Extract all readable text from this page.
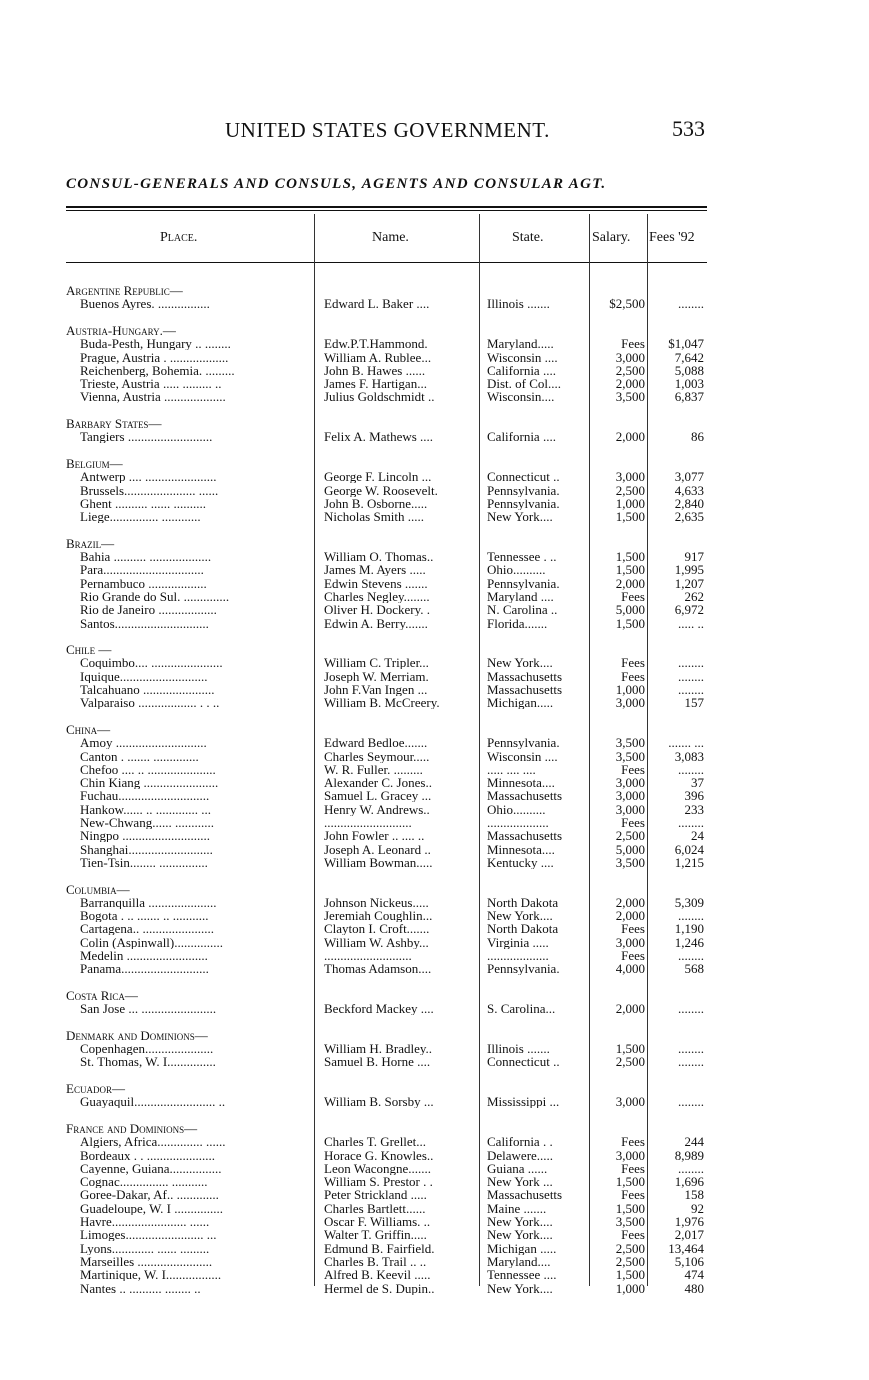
UNITED STATES GOVERNMENT.	533
CONSUL-GENERALS AND CONSULS, AGENTS AND CONSULAR AGT.
Place.	Name.	State.	Salary. Fees '92
Argentine Republic—
Buenos Ayres. ................	Edward L. Baker ....	Illinois .......	$2,500	........
Austria-Hungary.—
Buda-Pesth, Hungary .. ........	Edw.P.T.Hammond.	Maryland.....	Fees	$1,047
Prague, Austria . ..................	William A. Rublee...	Wisconsin ....	3,000	7,642
Reichenberg, Bohemia. .........	John B. Hawes ......	California ....	2,500	5,088
Trieste, Austria ..... ......... ..	James F. Hartigan...	Dist. of Col....	2,000	1,003
Vienna, Austria ...................	Julius Goldschmidt ..	Wisconsin....	3,500	6,837
Barbary States—
Tangiers ..........................	Felix A. Mathews ....	California ....	2,000	86
Belgium—
Antwerp .... ......................	George F. Lincoln ...	Connecticut ..	3,000	3,077
Brussels...................... ......	George W. Roosevelt.	Pennsylvania.	2,500	4,633
Ghent .......... ...... ..........	John B. Osborne.....	Pennsylvania.	1,000	2,840
Liege............... ............	Nicholas Smith .....	New York....	1,500	2,635
Brazil—
Bahia .......... ...................	William O. Thomas..	Tennessee . ..	1,500	917
Para...............................	James M. Ayers .....	Ohio..........	1,500	1,995
Pernambuco ..................	Edwin Stevens .......	Pennsylvania.	2,000	1,207
Rio Grande do Sul. ..............	Charles Negley........	Maryland ....	Fees	262
Rio de Janeiro ..................	Oliver H. Dockery. .	N. Carolina ..	5,000	6,972
Santos.............................	Edwin A. Berry.......	Florida.......	1,500	..... ..
Chile —
Coquimbo.... ......................	William C. Tripler...	New York....	Fees	........
Iquique...........................	Joseph W. Merriam.	Massachusetts	Fees	........
Talcahuano ......................	John F.Van Ingen ...	Massachusetts	1,000	........
Valparaiso .................. . . ..	William B. McCreery.	Michigan.....	3,000	157
China—
Amoy ............................	Edward Bedloe.......	Pennsylvania.	3,500	....... ...
Canton . ....... ..............	Charles Seymour.....	Wisconsin ....	3,500	3,083
Chefoo .... .. .....................	W. R. Fuller. .........	..... .... ....	Fees	........
Chin Kiang .......................	Alexander C. Jones..	Minnesota....	3,000	37
Fuchau............................	Samuel L. Gracey ...	Massachusetts	3,000	396
Hankow...... .. ............. ...	Henry W. Andrews..	Ohio..........	3,000	233
New-Chwang...... ............	...........................	...................	Fees	........
Ningpo ...........................	John Fowler .. .... ..	Massachusetts	2,500	24
Shanghai..........................	Joseph A. Leonard ..	Minnesota....	5,000	6,024
Tien-Tsin........ ...............	William Bowman.....	Kentucky ....	3,500	1,215
Columbia—
Barranquilla .....................	Johnson Nickeus.....	North Dakota	2,000	5,309
Bogota . .. ....... .. ...........	Jeremiah Coughlin...	New York....	2,000	........
Cartagena.. ......................	Clayton I. Croft.......	North Dakota	Fees	1,190
Colin (Aspinwall)...............	William W. Ashby...	Virginia .....	3,000	1,246
Medelin .........................	...........................	...................	Fees	........
Panama...........................	Thomas Adamson....	Pennsylvania.	4,000	568
Costa Rica—
San Jose ... .......................	Beckford Mackey ....	S. Carolina...	2,000	........
Denmark and Dominions—
Copenhagen.....................	William H. Bradley..	Illinois .......	1,500	........
St. Thomas, W. I...............	Samuel B. Horne ....	Connecticut ..	2,500	........
Ecuador—
Guayaquil......................... ..	William B. Sorsby ...	Mississippi ...	3,000	........
France and Dominions—
Algiers, Africa.............. ......	Charles T. Grellet...	California . .	Fees	244
Bordeaux . . .....................	Horace G. Knowles..	Delawere.....	3,000	8,989
Cayenne, Guiana................	Leon Wacongne.......	Guiana ......	Fees	........
Cognac............... ...........	William S. Prestor . .	New York ...	1,500	1,696
Goree-Dakar, Af.. .............	Peter Strickland .....	Massachusetts	Fees	158
Guadeloupe, W. I ...............	Charles Bartlett......	Maine .......	1,500	92
Havre....................... ......	Oscar F. Williams. ..	New York....	3,500	1,976
Limoges........................ ...	Walter T. Griffin.....	New York....	Fees	2,017
Lyons............. ...... .........	Edmund B. Fairfield.	Michigan .....	2,500	13,464
Marseilles .......................	Charles B. Trail .. ..	Maryland....	2,500	5,106
Martinique, W. I.................	Alfred B. Keevil .....	Tennessee ....	1,500	474
Nantes .. .......... ........ ..	Hermel de S. Dupin..	New York....	1,000	480
